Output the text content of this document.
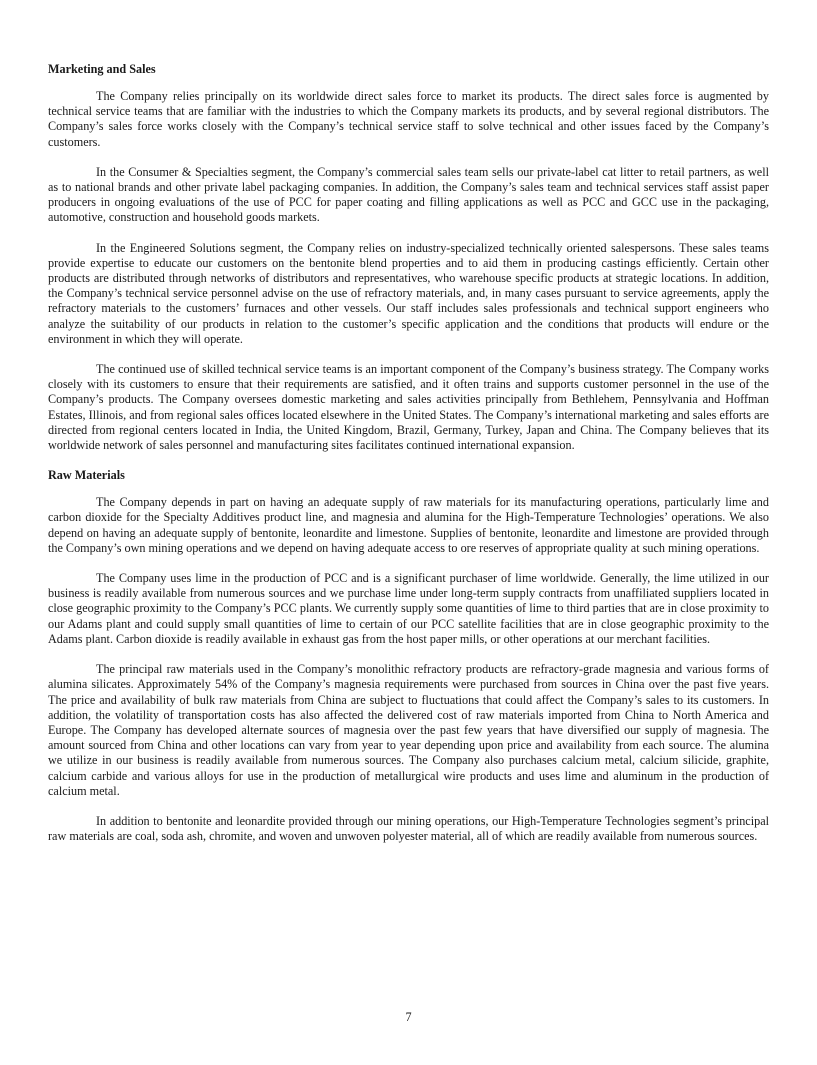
Marketing and Sales

The Company relies principally on its worldwide direct sales force to market its products. The direct sales force is augmented by technical service teams that are familiar with the industries to which the Company markets its products, and by several regional distributors. The Company’s sales force works closely with the Company’s technical service staff to solve technical and other issues faced by the Company’s customers.

In the Consumer & Specialties segment, the Company’s commercial sales team sells our private-label cat litter to retail partners, as well as to national brands and other private label packaging companies. In addition, the Company’s sales team and technical services staff assist paper producers in ongoing evaluations of the use of PCC for paper coating and filling applications as well as PCC and GCC use in the packaging, automotive, construction and household goods markets.

In the Engineered Solutions segment, the Company relies on industry-specialized technically oriented salespersons. These sales teams provide expertise to educate our customers on the bentonite blend properties and to aid them in producing castings efficiently. Certain other products are distributed through networks of distributors and representatives, who warehouse specific products at strategic locations. In addition, the Company’s technical service personnel advise on the use of refractory materials, and, in many cases pursuant to service agreements, apply the refractory materials to the customers’ furnaces and other vessels. Our staff includes sales professionals and technical support engineers who analyze the suitability of our products in relation to the customer’s specific application and the conditions that products will endure or the environment in which they will operate.

The continued use of skilled technical service teams is an important component of the Company’s business strategy. The Company works closely with its customers to ensure that their requirements are satisfied, and it often trains and supports customer personnel in the use of the Company’s products. The Company oversees domestic marketing and sales activities principally from Bethlehem, Pennsylvania and Hoffman Estates, Illinois, and from regional sales offices located elsewhere in the United States. The Company’s international marketing and sales efforts are directed from regional centers located in India, the United Kingdom, Brazil, Germany, Turkey, Japan and China. The Company believes that its worldwide network of sales personnel and manufacturing sites facilitates continued international expansion.

Raw Materials

The Company depends in part on having an adequate supply of raw materials for its manufacturing operations, particularly lime and carbon dioxide for the Specialty Additives product line, and magnesia and alumina for the High-Temperature Technologies’ operations. We also depend on having an adequate supply of bentonite, leonardite and limestone. Supplies of bentonite, leonardite and limestone are provided through the Company’s own mining operations and we depend on having adequate access to ore reserves of appropriate quality at such mining operations.

The Company uses lime in the production of PCC and is a significant purchaser of lime worldwide. Generally, the lime utilized in our business is readily available from numerous sources and we purchase lime under long-term supply contracts from unaffiliated suppliers located in close geographic proximity to the Company’s PCC plants. We currently supply some quantities of lime to third parties that are in close proximity to our Adams plant and could supply small quantities of lime to certain of our PCC satellite facilities that are in close geographic proximity to the Adams plant. Carbon dioxide is readily available in exhaust gas from the host paper mills, or other operations at our merchant facilities.

The principal raw materials used in the Company’s monolithic refractory products are refractory-grade magnesia and various forms of alumina silicates. Approximately 54% of the Company’s magnesia requirements were purchased from sources in China over the past five years. The price and availability of bulk raw materials from China are subject to fluctuations that could affect the Company’s sales to its customers. In addition, the volatility of transportation costs has also affected the delivered cost of raw materials imported from China to North America and Europe. The Company has developed alternate sources of magnesia over the past few years that have diversified our supply of magnesia. The amount sourced from China and other locations can vary from year to year depending upon price and availability from each source. The alumina we utilize in our business is readily available from numerous sources. The Company also purchases calcium metal, calcium silicide, graphite, calcium carbide and various alloys for use in the production of metallurgical wire products and uses lime and aluminum in the production of calcium metal.

In addition to bentonite and leonardite provided through our mining operations, our High-Temperature Technologies segment’s principal raw materials are coal, soda ash, chromite, and woven and unwoven polyester material, all of which are readily available from numerous sources.

7
